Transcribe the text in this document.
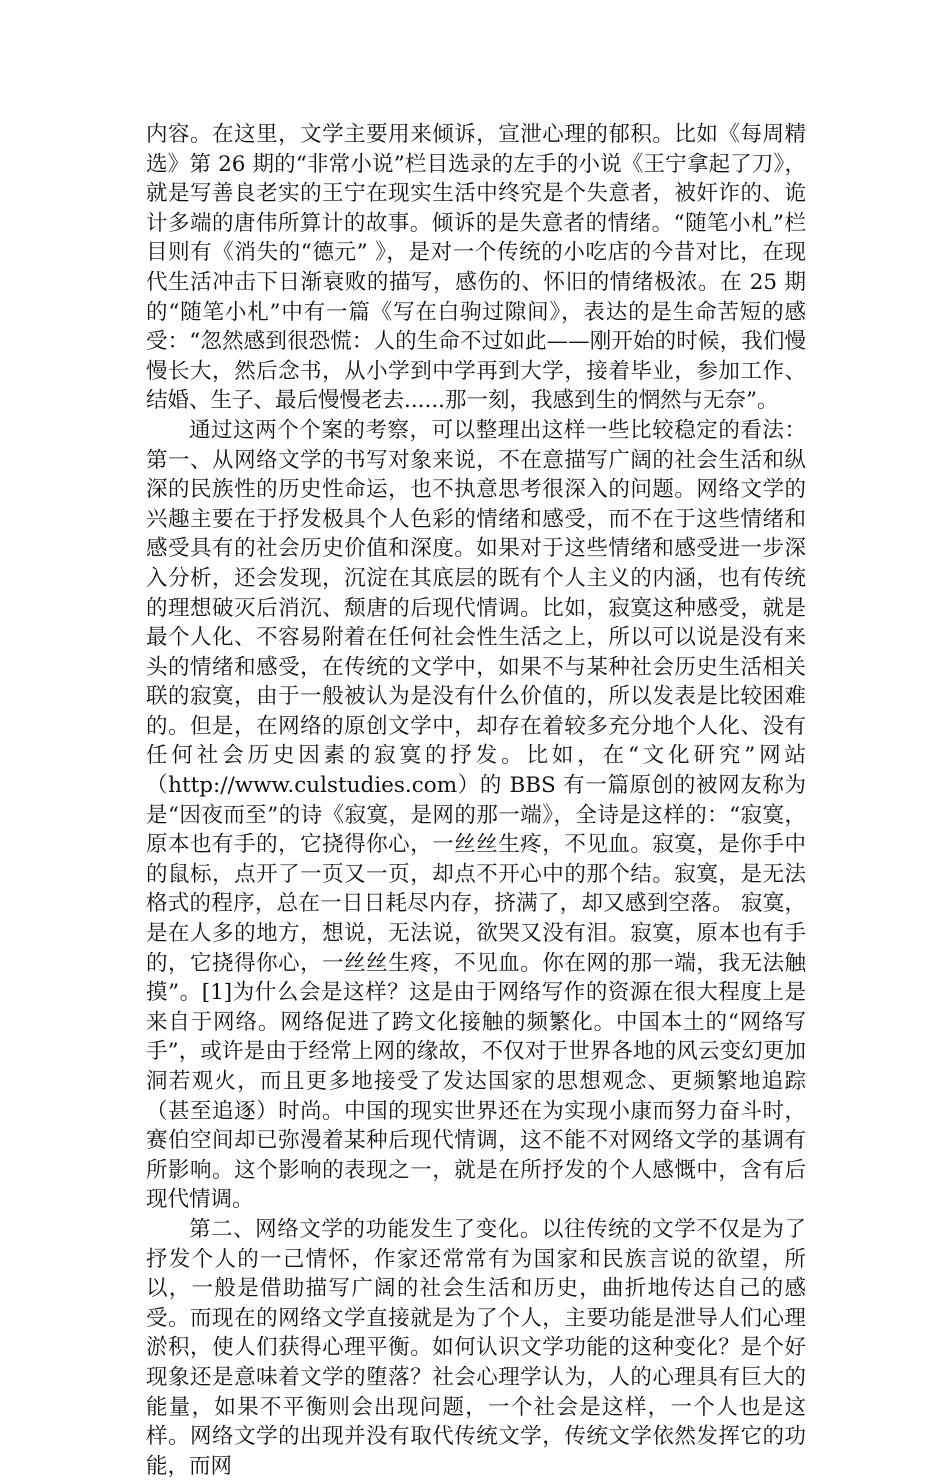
内容。在这里，文学主要用来倾诉，宣泄心理的郁积。比如《每周精选》第 26 期的“非常小说”栏目选录的左手的小说《王宁拿起了刀》，就是写善良老实的王宁在现实生活中终究是个失意者，被奸诈的、诡计多端的唐伟所算计的故事。倾诉的是失意者的情绪。“随笔小札”栏目则有《消失的“德元” 》，是对一个传统的小吃店的今昔对比，在现代生活冲击下日渐衰败的描写，感伤的、怀旧的情绪极浓。在 25 期的“随笔小札”中有一篇《写在白驹过隙间》，表达的是生命苦短的感受：“忽然感到很恐慌：人的生命不过如此——刚开始的时候，我们慢慢长大，然后念书，从小学到中学再到大学，接着毕业，参加工作、结婚、生子、最后慢慢老去......那一刻，我感到生的惘然与无奈”。

通过这两个个案的考察，可以整理出这样一些比较稳定的看法：第一、从网络文学的书写对象来说，不在意描写广阔的社会生活和纵深的民族性的历史性命运，也不执意思考很深入的问题。网络文学的兴趣主要在于抒发极具个人色彩的情绪和感受，而不在于这些情绪和感受具有的社会历史价值和深度。如果对于这些情绪和感受进一步深入分析，还会发现，沉淀在其底层的既有个人主义的内涵，也有传统的理想破灭后消沉、颓唐的后现代情调。比如，寂寞这种感受，就是最个人化、不容易附着在任何社会性生活之上，所以可以说是没有来头的情绪和感受，在传统的文学中，如果不与某种社会历史生活相关联的寂寞，由于一般被认为是没有什么价值的，所以发表是比较困难的。但是，在网络的原创文学中，却存在着较多充分地个人化、没有任何社会历史因素的寂寞的抒发。比如，在“文化研究”网站（http://www.culstudies.com）的 BBS 有一篇原创的被网友称为是“因夜而至”的诗《寂寞，是网的那一端》，全诗是这样的：“寂寞，原本也有手的，它挠得你心，一丝丝生疼，不见血。寂寞，是你手中的鼠标，点开了一页又一页，却点不开心中的那个结。寂寞，是无法格式的程序，总在一日日耗尽内存，挤满了，却又感到空落。 寂寞，是在人多的地方，想说，无法说，欲哭又没有泪。寂寞，原本也有手的，它挠得你心，一丝丝生疼，不见血。你在网的那一端，我无法触摸”。[1]为什么会是这样？这是由于网络写作的资源在很大程度上是来自于网络。网络促进了跨文化接触的频繁化。中国本土的“网络写手”，或许是由于经常上网的缘故，不仅对于世界各地的风云变幻更加洞若观火，而且更多地接受了发达国家的思想观念、更频繁地追踪（甚至追逐）时尚。中国的现实世界还在为实现小康而努力奋斗时，赛伯空间却已弥漫着某种后现代情调，这不能不对网络文学的基调有所影响。这个影响的表现之一，就是在所抒发的个人感慨中，含有后现代情调。

第二、网络文学的功能发生了变化。以往传统的文学不仅是为了抒发个人的一己情怀，作家还常常有为国家和民族言说的欲望，所以，一般是借助描写广阔的社会生活和历史，曲折地传达自己的感受。而现在的网络文学直接就是为了个人，主要功能是泄导人们心理淤积，使人们获得心理平衡。如何认识文学功能的这种变化？是个好现象还是意味着文学的堕落？社会心理学认为，人的心理具有巨大的能量，如果不平衡则会出现问题，一个社会是这样，一个人也是这样。网络文学的出现并没有取代传统文学，传统文学依然发挥它的功能，而网
